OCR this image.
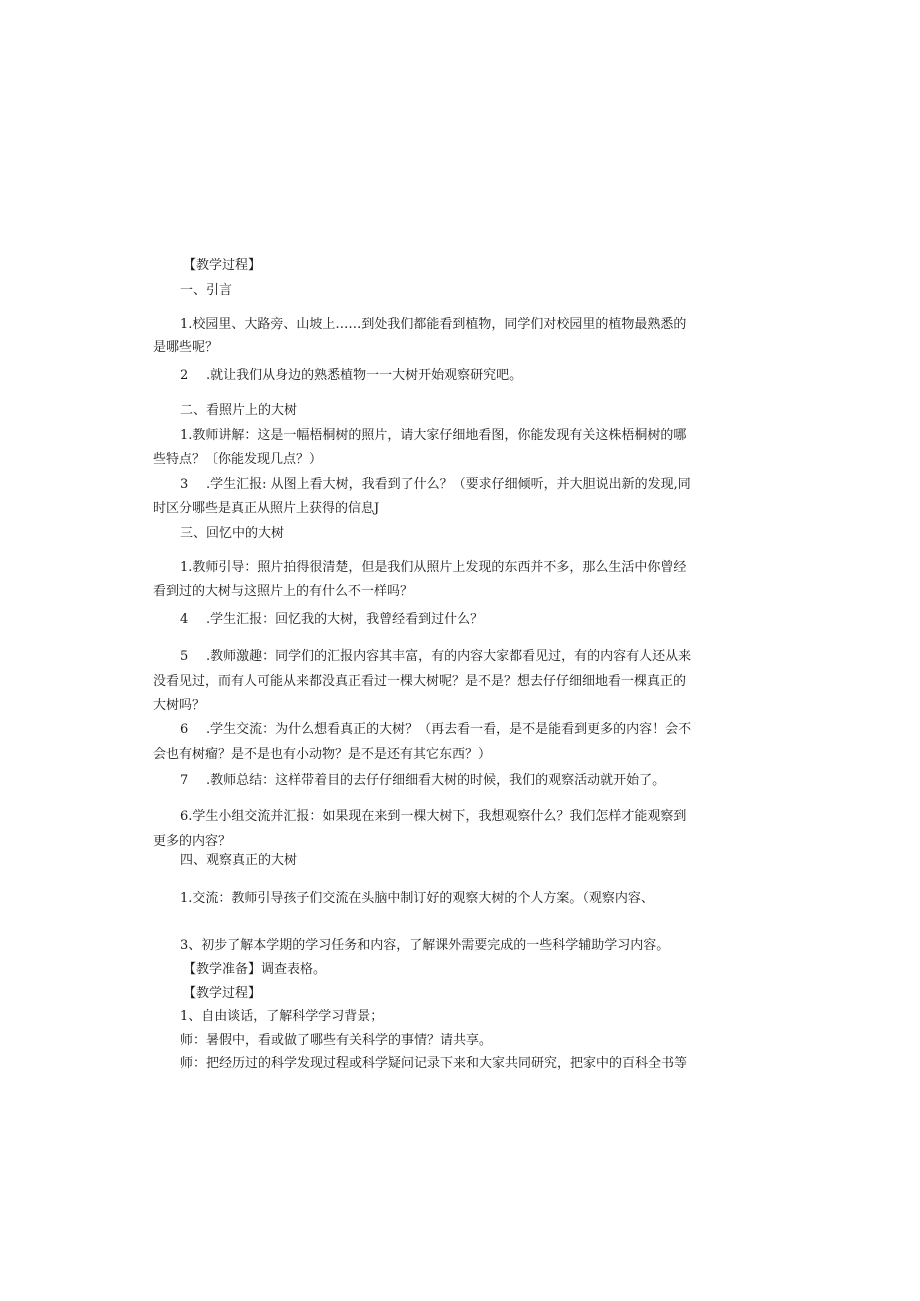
【教学过程】
一、引言
1.校园里、大路旁、山坡上……到处我们都能看到植物，同学们对校园里的植物最熟悉的
是哪些呢？
2 .就让我们从身边的熟悉植物一一大树开始观察研究吧。
二、看照片上的大树
1.教师讲解：这是一幅梧桐树的照片，请大家仔细地看图，你能发现有关这株梧桐树的哪
些特点？〔你能发现几点？）
3 .学生汇报: 从图上看大树，我看到了什么？（要求仔细倾听，并大胆说出新的发现,同
时区分哪些是真正从照片上获得的信息J
三、回忆中的大树
1.教师引导：照片拍得很清楚，但是我们从照片上发现的东西并不多，那么生活中你曾经
看到过的大树与这照片上的有什么不一样吗？
4 .学生汇报：回忆我的大树，我曾经看到过什么？
5 .教师激趣：同学们的汇报内容其丰富，有的内容大家都看见过，有的内容有人还从来
没看见过，而有人可能从来都没真正看过一棵大树呢？是不是？想去仔仔细细地看一棵真正的
大树吗？
6 .学生交流：为什么想看真正的大树？（再去看一看，是不是能看到更多的内容！会不
会也有树瘤？是不是也有小动物？是不是还有其它东西？）
7 .教师总结：这样带着目的去仔仔细细看大树的时候，我们的观察活动就开始了。
6.学生小组交流并汇报：如果现在来到一棵大树下，我想观察什么？我们怎样才能观察到
更多的内容？
四、观察真正的大树
1.交流：教师引导孩子们交流在头脑中制订好的观察大树的个人方案。（观察内容、
3、初步了解本学期的学习任务和内容，了解课外需要完成的一些科学辅助学习内容。
【教学准备】调查表格。
【教学过程】
1、自由谈话，了解科学学习背景；
师：暑假中，看或做了哪些有关科学的事情？请共享。
师：把经历过的科学发现过程或科学疑问记录下来和大家共同研究，把家中的百科全书等
